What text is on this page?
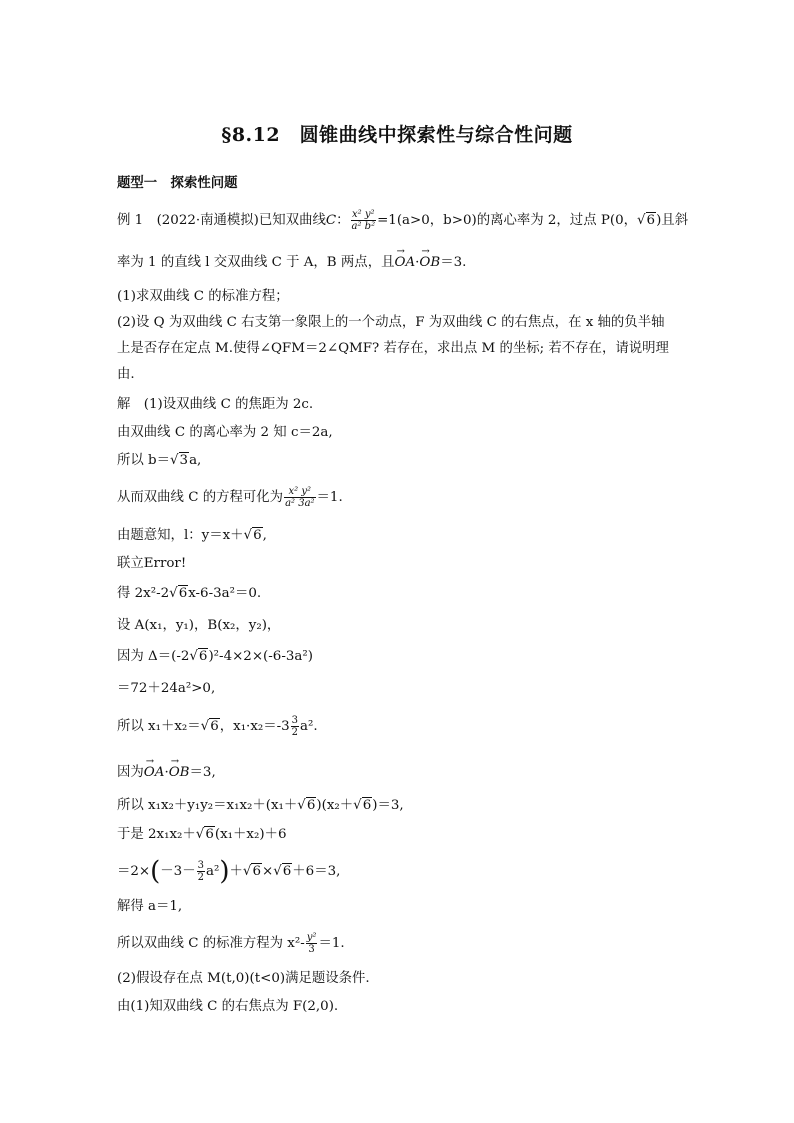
§8.12　圆锥曲线中探索性与综合性问题
题型一　探索性问题
例 1　 (2022·南通模拟)已知双曲线C： $\frac{\text{x² y²}}{\text{a² b²}} =1(a>0$，b>0)的离心率为 2，过点 P(0，√6)且斜
率为 1 的直线 l 交双曲线 C 于 A，B 两点，且→ OA·→ OB＝3.
(1)求双曲线 C 的标准方程；
(2)设 Q 为双曲线 C 右支第一象限上的一个动点，F 为双曲线 C 的右焦点，在 x 轴的负半轴
上是否存在定点 M.使得∠QFM＝2∠QMF? 若存在，求出点 M 的坐标; 若不存在，请说明理
由.
解　(1)设双曲线 C 的焦距为 2c.
由双曲线 C 的离心率为 2 知 c＝2a,
所以 b＝√3a,
从而双曲线 C 的方程可化为 $\frac{\text{x² y²}}{\text{a² 3a²}} =1$.
由题意知，l：y＝x＋√6,
联立Error!
得 2x²-2√6x-6-3a²＝0.
设 A(x₁，y₁)，B(x₂，y₂)，
因为 Δ＝(-2√6)²-4×2×(-6-3a²)
＝72＋24a²>0,
所以 x₁＋x₂＝√6，$x_1\cdot x_2=-3 \frac{3}{2} a^2$.
因为→ OA·→ OB＝3,
所以 x₁x₂＋y₁y₂＝x₁x₂＋(x₁＋√6)(x₂＋√6)＝3,
于是 2x₁x₂＋√6(x₁＋x₂)＋6
$=2\times(-3- \frac{3}{2} a^2)+√6\times√6+6=3$,
解得 a＝1,
所以双曲线 C 的标准方程为 $x^2- \frac{\text{y²}}{3} =1$.
(2)假设存在点 M(t,0)(t<0)满足题设条件.
由(1)知双曲线 C 的右焦点为 F(2,0).
